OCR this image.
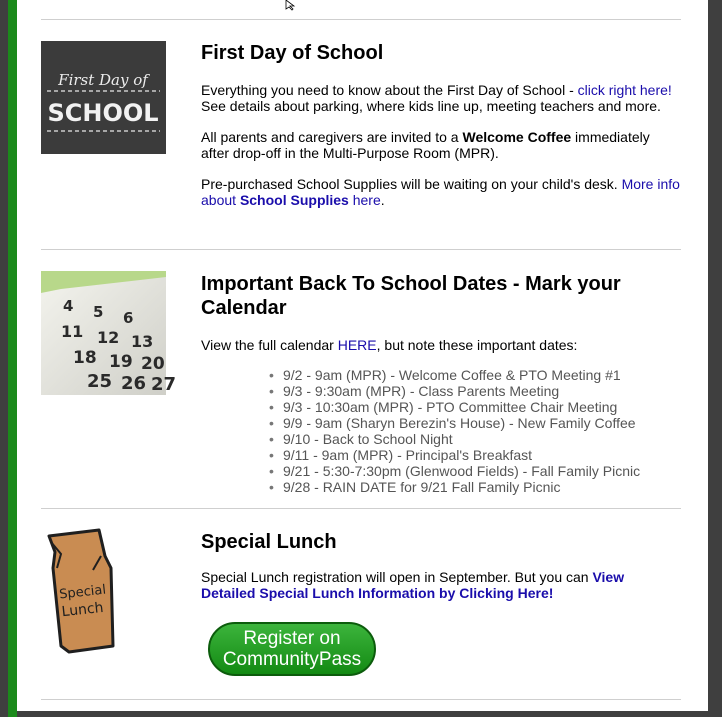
First Day of
SCHOOL
First Day of School

Everything you need to know about the First Day of School - click right here!
See details about parking, where kids line up, meeting teachers and more.

All parents and caregivers are invited to a Welcome Coffee immediately after drop-off in the Multi-Purpose Room (MPR).

Pre-purchased School Supplies will be waiting on your child's desk. More info about School Supplies here.

4 5 6
11 12 13
18 19 20
25 26 27
Important Back To School Dates - Mark your Calendar

View the full calendar HERE, but note these important dates:

• 9/2 - 9am (MPR) - Welcome Coffee & PTO Meeting #1
• 9/3 - 9:30am (MPR) - Class Parents Meeting
• 9/3 - 10:30am (MPR) - PTO Committee Chair Meeting
• 9/9 - 9am (Sharyn Berezin's House) - New Family Coffee
• 9/10 - Back to School Night
• 9/11 - 9am (MPR) - Principal's Breakfast
• 9/21 - 5:30-7:30pm (Glenwood Fields) - Fall Family Picnic
• 9/28 - RAIN DATE for 9/21 Fall Family Picnic
Special
Lunch
Special Lunch

Special Lunch registration will open in September. But you can View Detailed Special Lunch Information by Clicking Here!

Register on
CommunityPass
